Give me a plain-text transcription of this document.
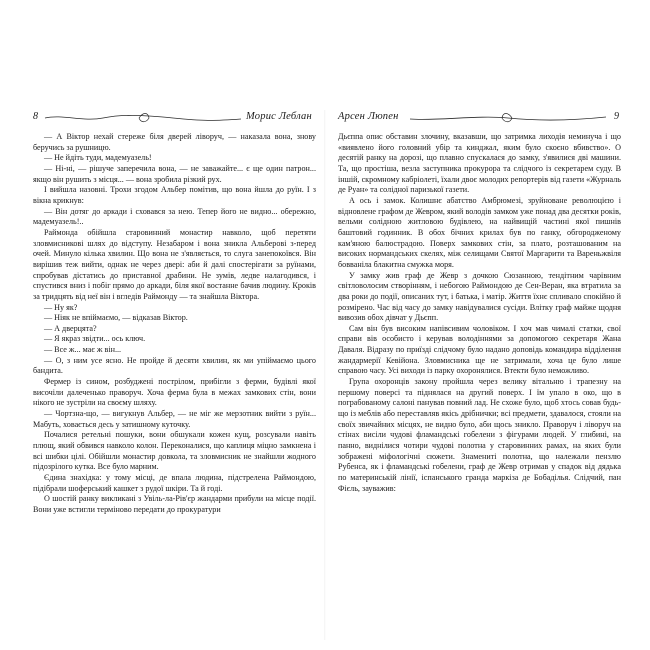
8	Морис Леблан

— А Віктор нехай стереже біля дверей ліворуч, — наказала вона, знову беручись за рушницю.

— Не йдіть туди, мадемуазель!

— Ні-ні, — рішуче заперечила вона, — не заважайте... є ще один патрон... якщо він рушить з місця... — вона зробила різкий рух.

І вийшла назовні. Трохи згодом Альбер помітив, що вона йшла до руїн. І з вікна крикнув:

— Він дотяг до аркади і сховався за нею. Тепер його не видно... обережно, мадемуазель!..

Раймонда обійшла старовинний монастир навколо, щоб перетяти зловмисникові шлях до відступу. Незабаром і вона зникла Альберові з-перед очей. Минуло кілька хвилин. Що вона не з'являється, то слуга занепокоївся. Він вирішив теж вийти, однак не через двері: аби й далі спостерігати за руїнами, спробував дістатись до приставної драбини. Не зумів, ледве налагодився, і спустився вниз і побіг прямо до аркади, біля якої востанне бачив людину. Кроків за тридцять від неї він і вгледів Раймонду — та знайшла Віктора.

— Ну як?

— Ніяк не впіймаємо, — відказав Віктор.

— А дверцята?

— Я якраз звідти... ось ключ.

— Все ж... має ж він...

— О, з ним усе ясно. Не пройде й десяти хвилин, як ми упіймаємо цього бандита.

Фермер із сином, розбуджені пострілом, прибігли з ферми, будівлі якої височіли далеченько праворуч. Хоча ферма була в межах замкових стін, вони нікого не зустріли на своєму шляху.

— Чортзна-що, — вигукнув Альбер, — не міг же мерзотник вийти з руїн... Мабуть, ховається десь у затишному куточку.

Почалися ретельні пошуки, вони обшукали кожен кущ, розсували навіть плющ, який обвився навколо колон. Переконалися, що каплиця міцно замкнена і всі шибки цілі. Обійшли монастир довкола, та зловмисник не знайшли жодного підозрілого кутка. Все було марним.

Єдина знахідка: у тому місці, де впала людина, підстрелена Раймондою, підібрали шоферський кашкет з рудої шкіри. Та й годі.

О шостій ранку викликані з Увіль-ла-Рів'єр жандарми прибули на місце події. Вони уже встигли терміново передати до прокуратури

Арсен Люпен	9

Дьєппа опис обставин злочину, вказавши, що затримка лиходія неминуча і що «виявлено його головний убір та кинджал, яким було скоєно вбивство». О десятій ранку на дорозі, що плавно спускалася до замку, з'явилися дві машини. Та, що простіша, везла заступника прокурора та слідчого із секретарем суду. В іншій, скромному кабріолеті, їхали двоє молодих репортерів від газети «Журналь де Руан» та солідної паризької газети.

А ось і замок. Колишнє абатство Амбрюмезі, зруйноване революцією і відновлене графом де Жевром, який володів замком уже понад два десятки років, вельми солідною житловою будівлею, на найвищій частині якої пишнів баштовий годинник. В обох бічних крилах був по ганку, обгородженому кам'яною балюстрадою. Поверх замкових стін, за плато, розташованим на високих нормандських скелях, між селищами Святої Маргарити та Вареньжвіля бовваніла блакитна смужка моря.

У замку жив граф де Жевр з дочкою Сюзанною, тендітним чарівним світловолосим створінням, і небогою Раймондою де Сен-Веран, яка втратила за два роки до події, описаних тут, і батька, і матір. Життя їхнє спливало спокійно й розмірено. Час від часу до замку навідувалися сусіди. Влітку граф майже щодня вивозив обох дівчат у Дьєпп.

Сам він був високим напівсивим чоловіком. І хоч мав чималі статки, свої справи вів особисто і керував володіннями за допомогою секретаря Жана Даваля. Відразу по приїзді слідчому було надано доповідь командира відділення жандармерії Кевійона. Зловмисника ще не затримали, хоча це було лише справою часу. Усі виходи із парку охоронялися. Втекти було неможливо.

Група охоронців закону пройшла через велику вітальню і трапезну на першому поверсі та піднялася на другий поверх. І їм упало в око, що в пограбованому салоні панував повний лад. Не схоже було, щоб хтось совав будь-що із меблів або переставляв якісь дрібнички; всі предмети, здавалося, стояли на своїх звичайних місцях, не видно було, аби щось зникло. Праворуч і ліворуч на стінах висіли чудові фламандські гобелени з фігурами людей. У глибині, на панно, виднілися чотири чудові полотна у старовинних рамах, на яких були зображені міфологічні сюжети. Знамениті полотна, що належали пензлю Рубенса, як і фламандські гобелени, граф де Жевр отримав у спадок від дядька по материнській лінії, іспанського гранда маркіза де Бобаділья. Слідчий, пан Фієль, зауважив:
